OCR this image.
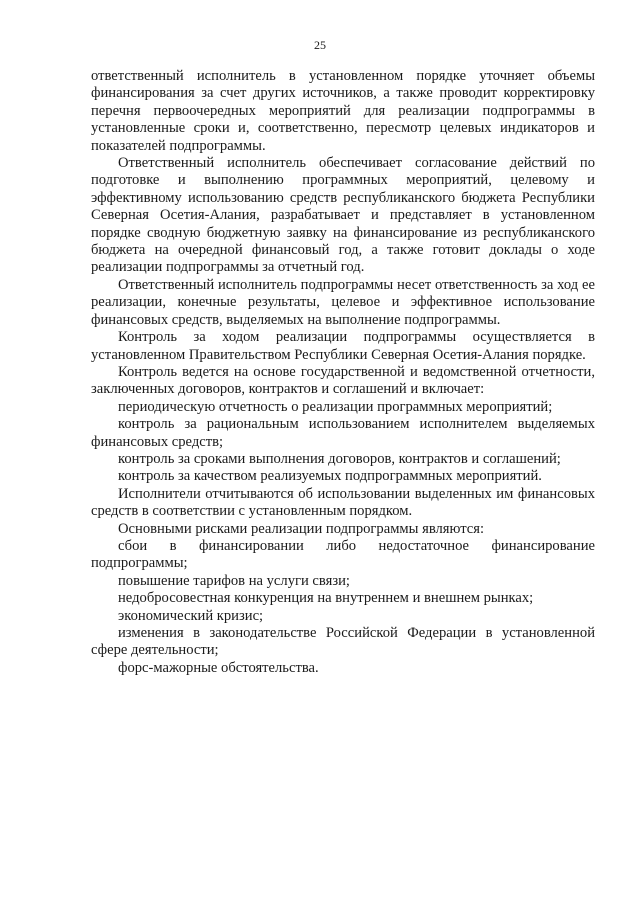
25

ответственный исполнитель в установленном порядке уточняет объемы финансирования за счет других источников, а также проводит корректировку перечня первоочередных мероприятий для реализации подпрограммы в установленные сроки и, соответственно, пересмотр целевых индикаторов и показателей подпрограммы.

Ответственный исполнитель обеспечивает согласование действий по подготовке и выполнению программных мероприятий, целевому и эффективному использованию средств республиканского бюджета Республики Северная Осетия-Алания, разрабатывает и представляет в установленном порядке сводную бюджетную заявку на финансирование из республиканского бюджета на очередной финансовый год, а также готовит доклады о ходе реализации подпрограммы за отчетный год.

Ответственный исполнитель подпрограммы несет ответственность за ход ее реализации, конечные результаты, целевое и эффективное использование финансовых средств, выделяемых на выполнение подпрограммы.

Контроль за ходом реализации подпрограммы осуществляется в установленном Правительством Республики Северная Осетия-Алания порядке.

Контроль ведется на основе государственной и ведомственной отчетности, заключенных договоров, контрактов и соглашений и включает:

периодическую отчетность о реализации программных мероприятий;

контроль за рациональным использованием исполнителем выделяемых финансовых средств;

контроль за сроками выполнения договоров, контрактов и соглашений;

контроль за качеством реализуемых подпрограммных мероприятий.

Исполнители отчитываются об использовании выделенных им финансовых средств в соответствии с установленным порядком.

Основными рисками реализации подпрограммы являются:

сбои в финансировании либо недостаточное финансирование подпрограммы;

повышение тарифов на услуги связи;

недобросовестная конкуренция на внутреннем и внешнем рынках;

экономический кризис;

изменения в законодательстве Российской Федерации в установленной сфере деятельности;

форс-мажорные обстоятельства.
